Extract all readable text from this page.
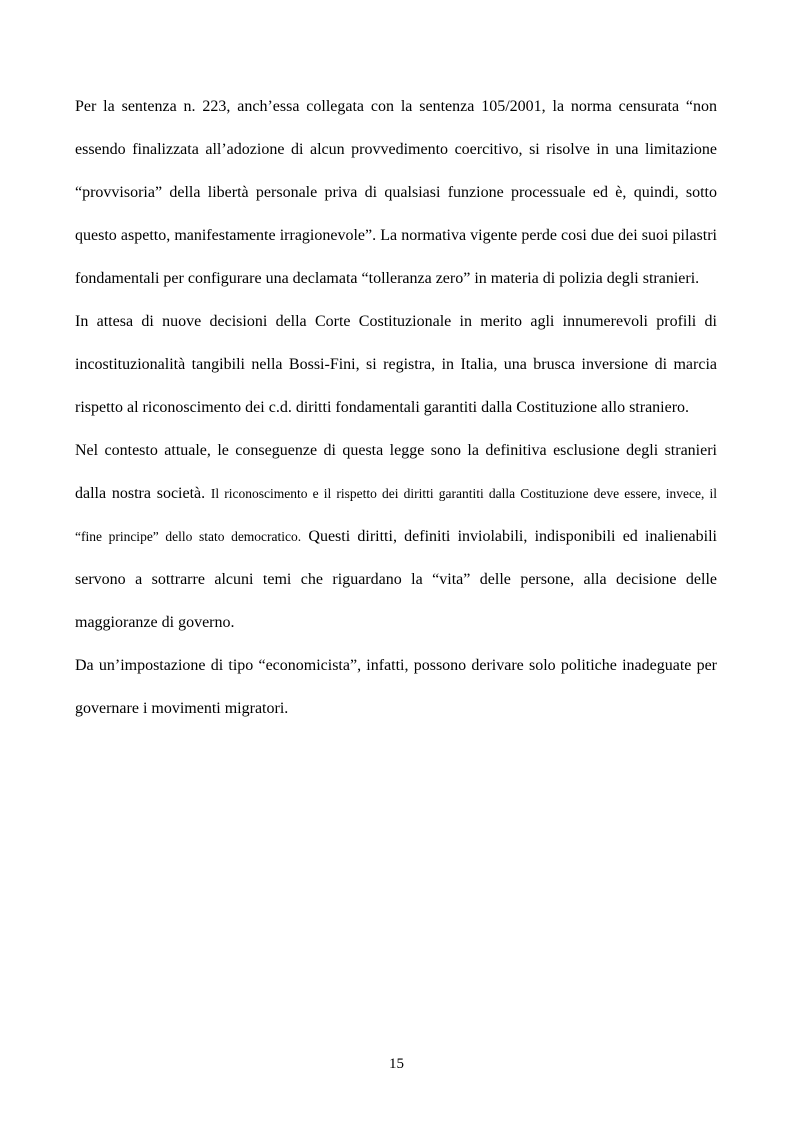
Per la sentenza n. 223, anch’essa collegata con la sentenza 105/2001, la norma censurata “non essendo finalizzata all’adozione di alcun provvedimento coercitivo, si risolve in una limitazione “provvisoria” della libertà personale priva di qualsiasi funzione processuale ed è, quindi, sotto questo aspetto, manifestamente irragionevole”. La normativa vigente perde cosi due dei suoi pilastri fondamentali per configurare una declamata “tolleranza zero” in materia di polizia degli stranieri.

In attesa di nuove decisioni della Corte Costituzionale in merito agli innumerevoli profili di incostituzionalità tangibili nella Bossi-Fini, si registra, in Italia, una brusca inversione di marcia rispetto al riconoscimento dei c.d. diritti fondamentali garantiti dalla Costituzione allo straniero.

Nel contesto attuale, le conseguenze di questa legge sono la definitiva esclusione degli stranieri dalla nostra società. Il riconoscimento e il rispetto dei diritti garantiti dalla Costituzione deve essere, invece, il “fine principe” dello stato democratico. Questi diritti, definiti inviolabili, indisponibili ed inalienabili servono a sottrarre alcuni temi che riguardano la “vita” delle persone, alla decisione delle maggioranze di governo.

Da un’impostazione di tipo “economicista”, infatti, possono derivare solo politiche inadeguate per governare i movimenti migratori.

15
